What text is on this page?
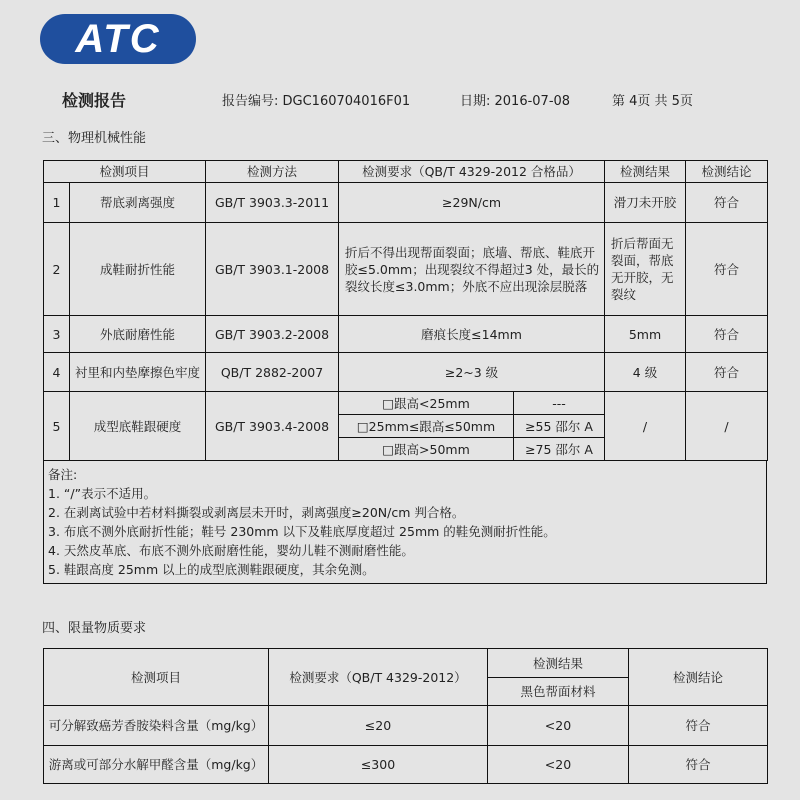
ATC
检测报告	报告编号: DGC160704016F01	日期: 2016-07-08	第 4页 共 5页
三、物理机械性能
检测项目		检测方法	检测要求（QB/T 4329-2012 合格品）		检测结果	检测结论
1	帮底剥离强度	GB/T 3903.3-2011	≥29N/cm		滑刀未开胶	符合
2	成鞋耐折性能	GB/T 3903.1-2008	折后不得出现帮面裂面；底墙、帮底、鞋底开胶≤5.0mm；出现裂纹不得超过3 处，最长的裂纹长度≤3.0mm；外底不应出现涂层脱落		折后帮面无裂面，帮底无开胶，无裂纹	符合
3	外底耐磨性能	GB/T 3903.2-2008	磨痕长度≤14mm		5mm	符合
4	衬里和内垫摩擦色牢度	QB/T 2882-2007	≥2~3 级		4 级	符合
5	成型底鞋跟硬度	GB/T 3903.4-2008	□跟高<25mm	---	/	/
			□25mm≤跟高≤50mm	≥55 邵尔 A		
			□跟高>50mm	≥75 邵尔 A		
备注:
1. “/”表示不适用。
2. 在剥离试验中若材料撕裂或剥离层未开时，剥离强度≥20N/cm 判合格。
3. 布底不测外底耐折性能；鞋号 230mm 以下及鞋底厚度超过 25mm 的鞋免测耐折性能。
4. 天然皮革底、布底不测外底耐磨性能，婴幼儿鞋不测耐磨性能。
5. 鞋跟高度 25mm 以上的成型底测鞋跟硬度，其余免测。
四、限量物质要求
检测项目	检测要求（QB/T 4329-2012）	检测结果	检测结论
		黑色帮面材料	
可分解致癌芳香胺染料含量（mg/kg）	≤20	<20	符合
游离或可部分水解甲醛含量（mg/kg）	≤300	<20	符合
